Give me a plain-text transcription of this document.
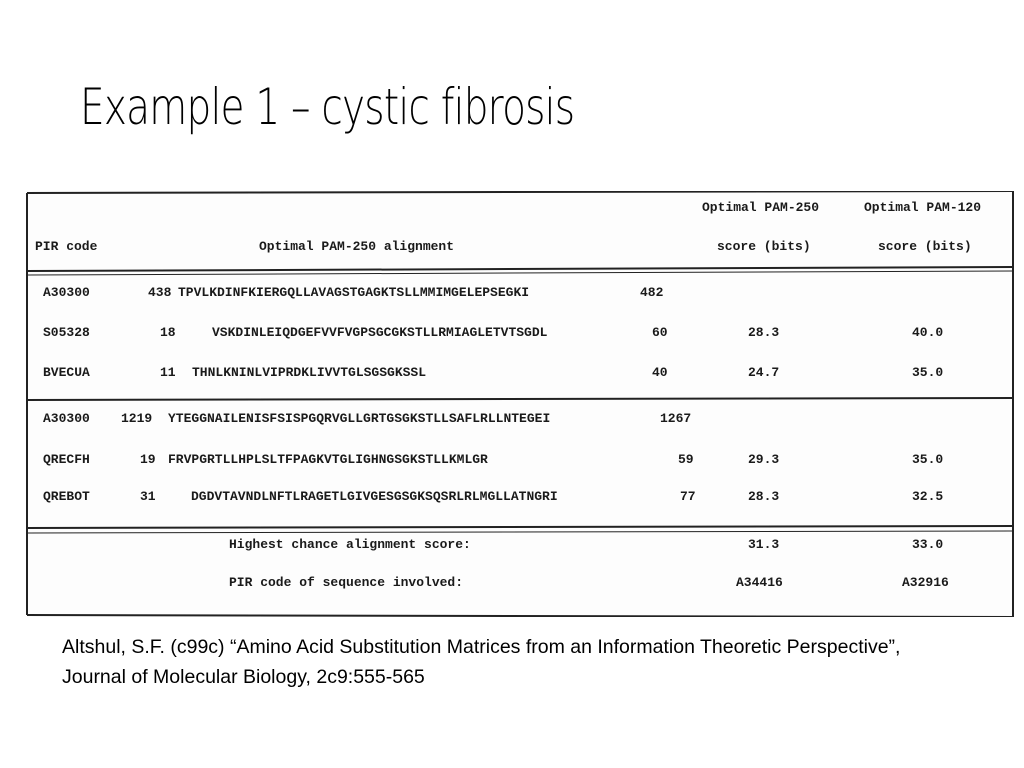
Example 1 – cystic fibrosis
Optimal PAM-250	Optimal PAM-120
PIR code	Optimal PAM-250 alignment	score (bits)	score (bits)
A30300	438 TPVLKDINFKIERGQLLAVAGSTGAGKTSLLMMIMGELEPSEGKI	482
S05328	18	VSKDINLEIQDGEFVVFVGPSGCGKSTLLRMIAGLETVTSGDL	60	28.3	40.0
BVECUA	11 THNLKNINLVIPRDKLIVVTGLSGSGKSSL	40	24.7	35.0
A30300 1219 YTEGGNAILENISFSISPGQRVGLLGRTGSGKSTLLSAFLRLLNTEGEI	1267
QRECFH	19 FRVPGRTLLHPLSLTFPAGKVTGLIGHNGSGKSTLLKMLGR	59	29.3	35.0
QREBOT	31	DGDVTAVNDLNFTLRAGETLGIVGESGSGKSQSRLRLMGLLATNGRI	77	28.3	32.5
Highest chance alignment score:	31.3	33.0
PIR code of sequence involved:	A34416	A32916
Altshul, S.F. (c99c) “Amino Acid Substitution Matrices from an Information Theoretic Perspective”, Journal of Molecular Biology, 2c9:555-565
